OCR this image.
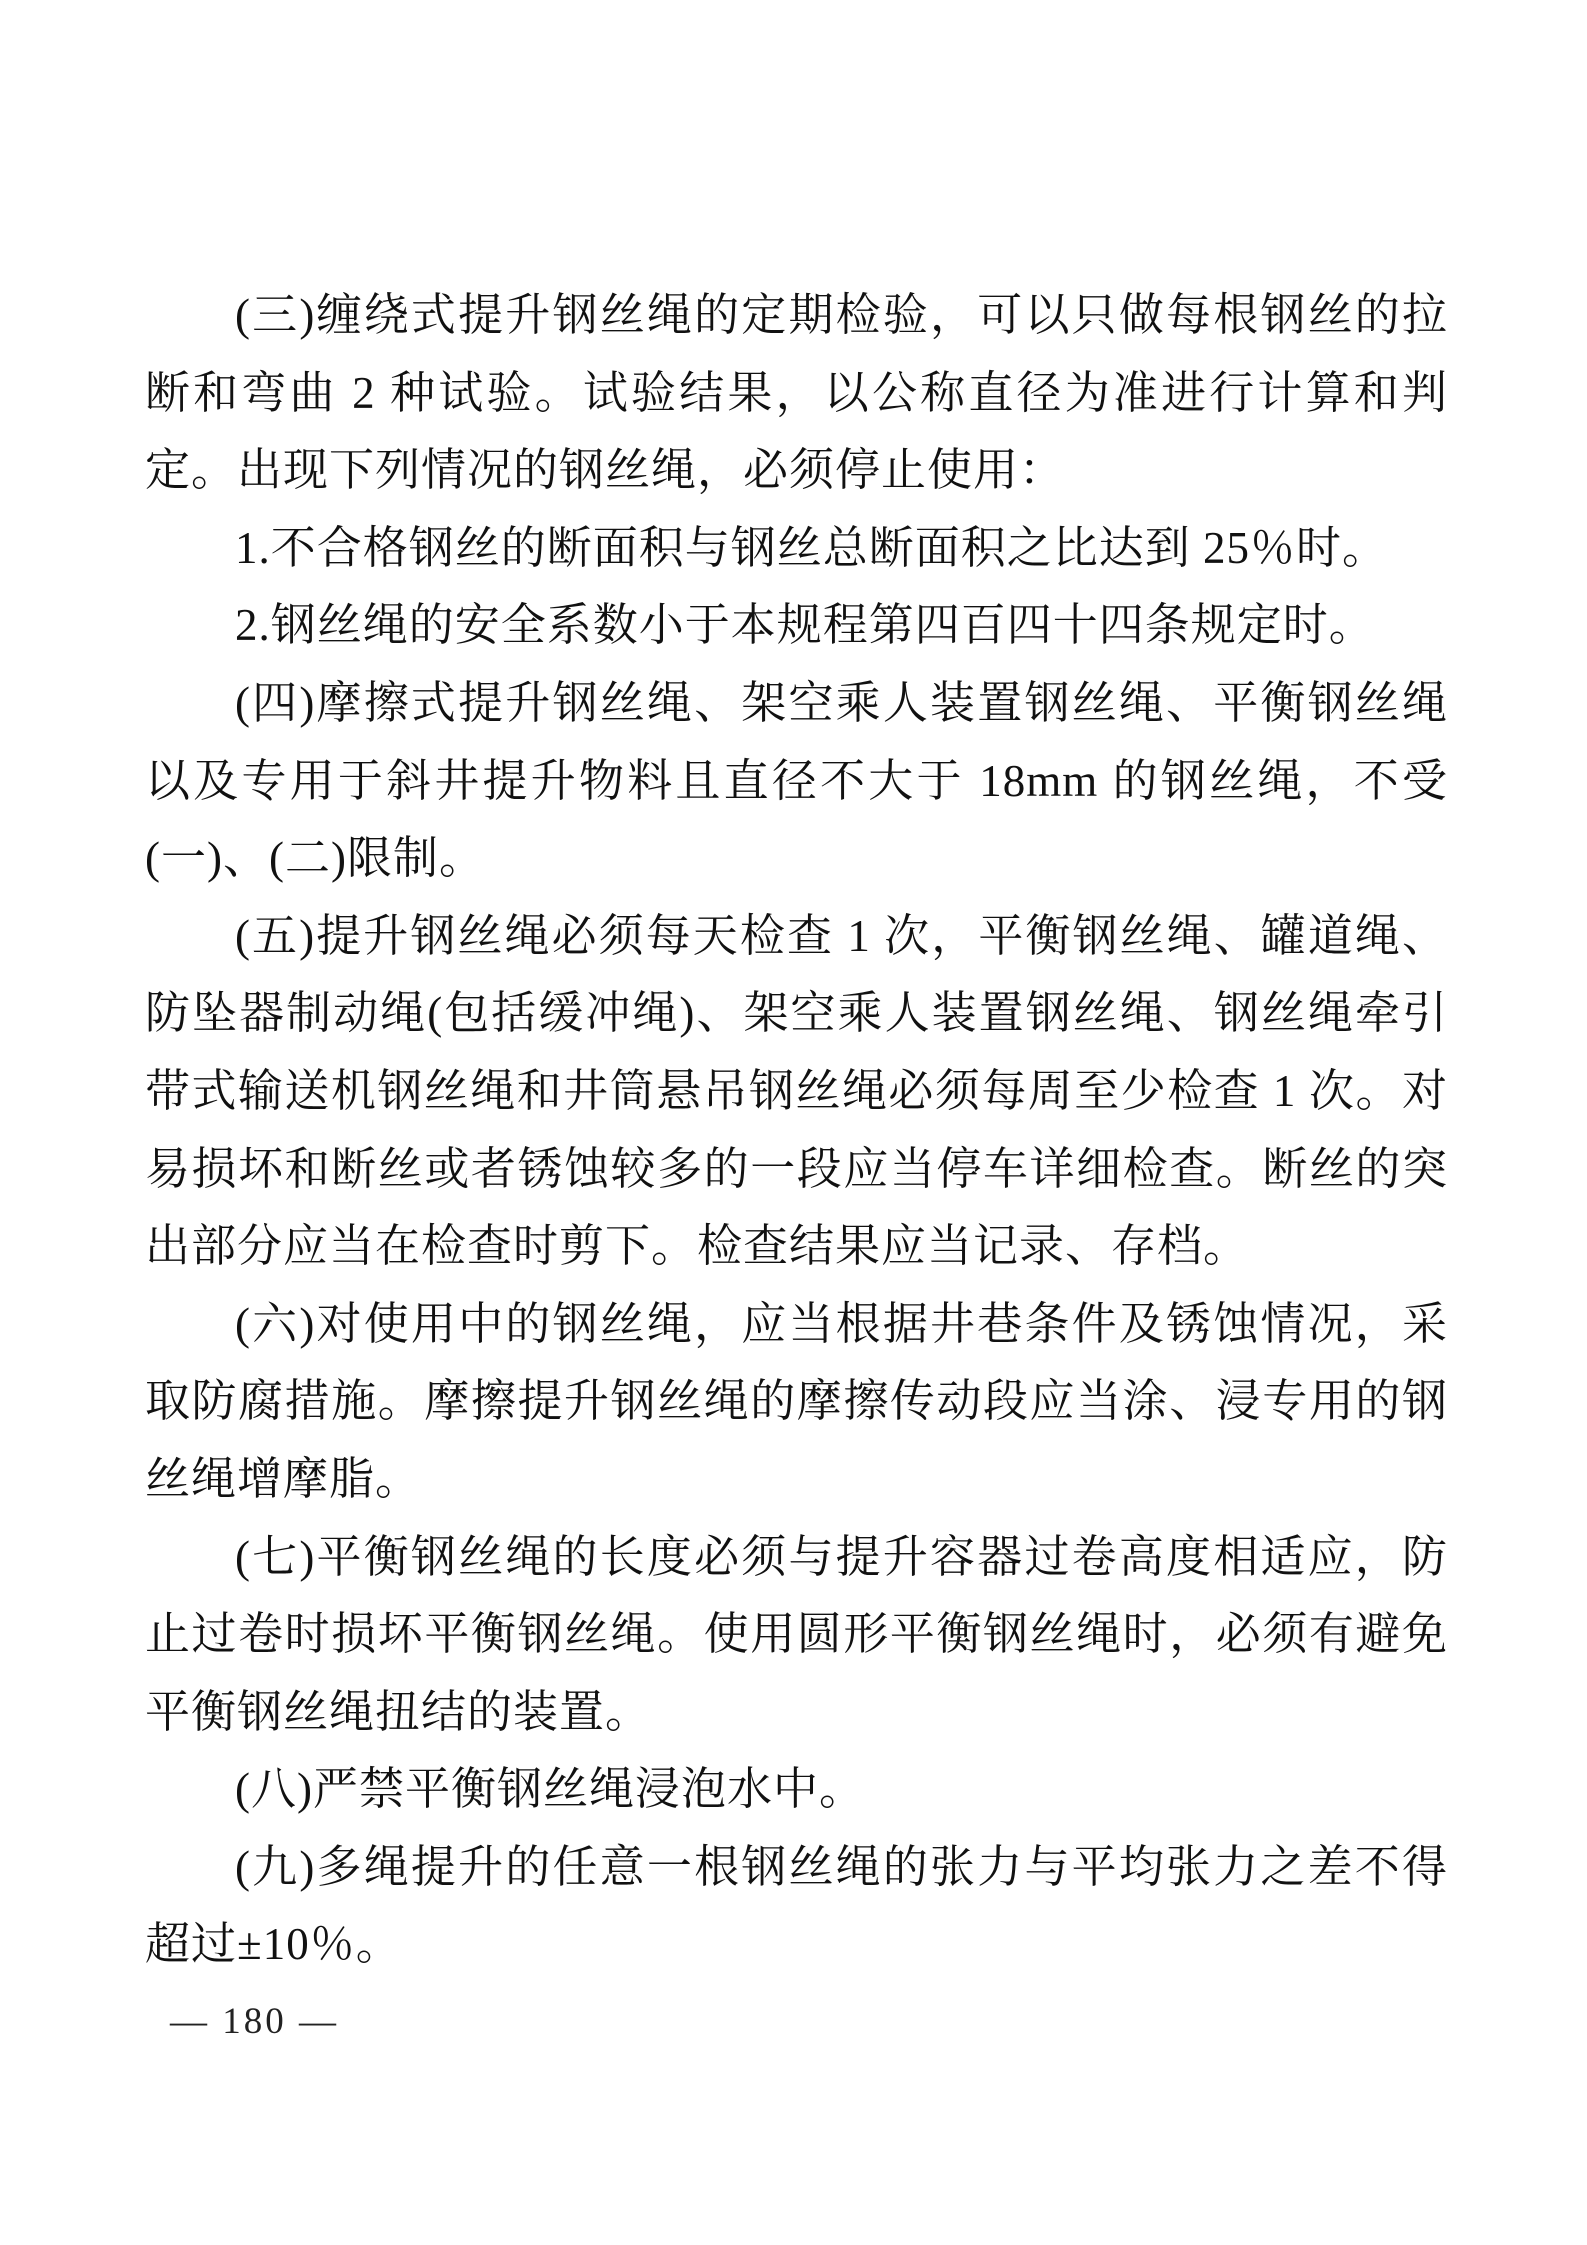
(三)缠绕式提升钢丝绳的定期检验，可以只做每根钢丝的拉断和弯曲 2 种试验。试验结果，以公称直径为准进行计算和判定。出现下列情况的钢丝绳，必须停止使用：

1.不合格钢丝的断面积与钢丝总断面积之比达到 25％时。

2.钢丝绳的安全系数小于本规程第四百四十四条规定时。

(四)摩擦式提升钢丝绳、架空乘人装置钢丝绳、平衡钢丝绳以及专用于斜井提升物料且直径不大于 18mm 的钢丝绳，不受(一)、(二)限制。

(五)提升钢丝绳必须每天检查 1 次，平衡钢丝绳、罐道绳、防坠器制动绳(包括缓冲绳)、架空乘人装置钢丝绳、钢丝绳牵引带式输送机钢丝绳和井筒悬吊钢丝绳必须每周至少检查 1 次。对易损坏和断丝或者锈蚀较多的一段应当停车详细检查。断丝的突出部分应当在检查时剪下。检查结果应当记录、存档。

(六)对使用中的钢丝绳，应当根据井巷条件及锈蚀情况，采取防腐措施。摩擦提升钢丝绳的摩擦传动段应当涂、浸专用的钢丝绳增摩脂。

(七)平衡钢丝绳的长度必须与提升容器过卷高度相适应，防止过卷时损坏平衡钢丝绳。使用圆形平衡钢丝绳时，必须有避免平衡钢丝绳扭结的装置。

(八)严禁平衡钢丝绳浸泡水中。

(九)多绳提升的任意一根钢丝绳的张力与平均张力之差不得超过±10％。

— 180 —
